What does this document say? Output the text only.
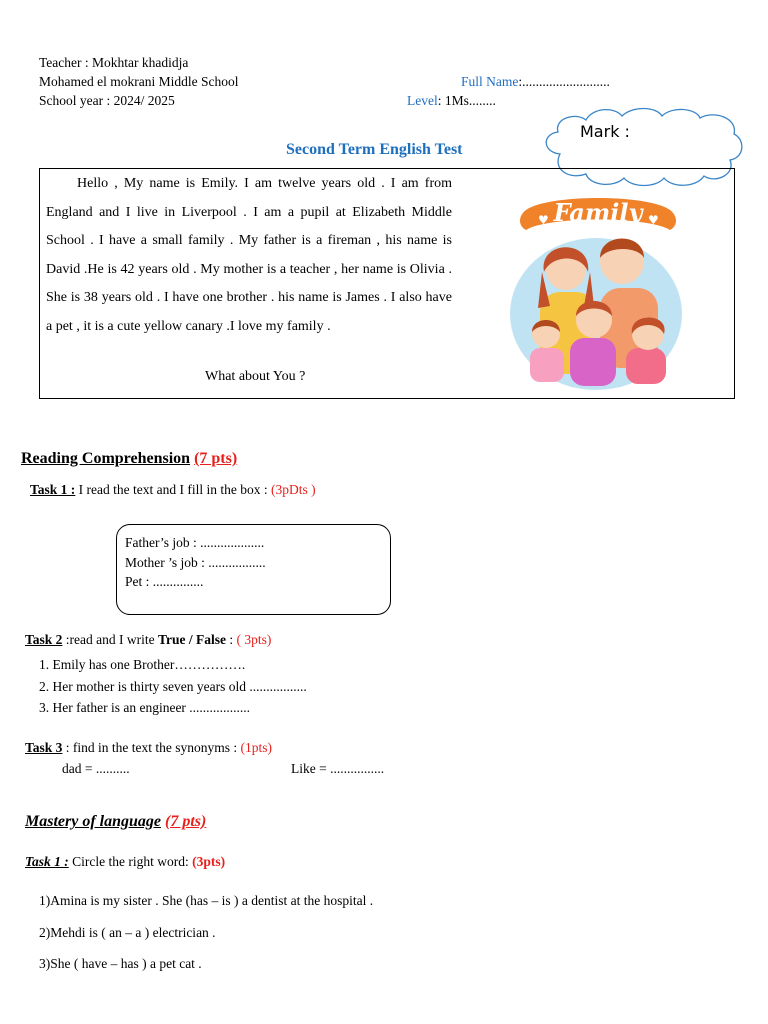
Teacher : Mokhtar khadidja
Mohamed el mokrani Middle School
School year : 2024/ 2025
Full Name:..........................
Level: 1Ms........
Mark :
Second Term English Test

Hello , My name is Emily. I am twelve years old . I am from England and I live in Liverpool . I am a pupil at Elizabeth Middle School . I have a small family . My father is a fireman , his name is David .He is 42 years old . My mother is a teacher , her name is Olivia . She is 38 years old . I have one brother . his name is James . I also have a pet , it is a cute yellow canary .I love my family .

What about You ?
Family
♥	♥
Reading Comprehension (7 pts)
Task 1 : I read the text and I fill in the box : (3pDts )
Father’s job : ...................
Mother ’s job : .................
Pet : ...............
Task 2 :read and I write True / False : ( 3pts)
1. Emily has one Brother…………….
2. Her mother is thirty seven years old .................
3. Her father is an engineer ..................
Task 3 : find in the text the synonyms : (1pts)
dad = ..........	Like = ................
Mastery of language (7 pts)
Task 1 : Circle the right word: (3pts)
1)Amina is my sister . She (has – is ) a dentist at the hospital .
2)Mehdi is ( an – a ) electrician .
3)She ( have – has ) a pet cat .
